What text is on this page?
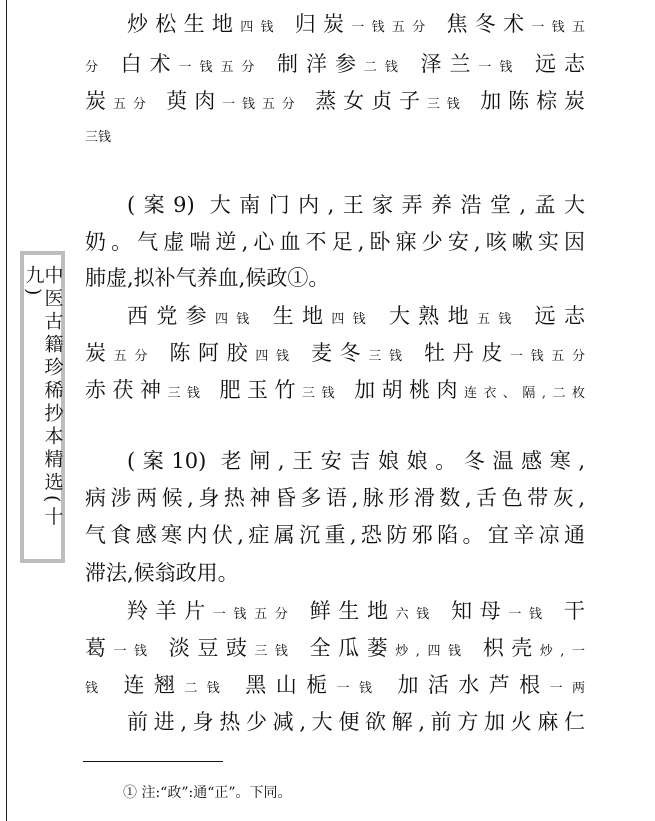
中医古籍珍稀抄本精选(十九)
炒松生地四钱 归炭一钱五分 焦冬术一钱五
分 白术一钱五分 制洋参二钱 泽兰一钱 远志
炭五分 萸肉一钱五分 蒸女贞子三钱 加陈棕炭
三钱
(案9) 大南门内,王家弄养浩堂,孟大
奶。气虚喘逆,心血不足,卧寐少安,咳嗽实因
肺虚,拟补气养血,候政①。
西党参四钱 生地四钱 大熟地五钱 远志
炭五分 陈阿胶四钱 麦冬三钱 牡丹皮一钱五分
赤茯神三钱 肥玉竹三钱 加胡桃肉连衣、隔,二枚
(案10) 老闸,王安吉娘娘。冬温感寒,
病涉两候,身热神昏多语,脉形滑数,舌色带灰,
气食感寒内伏,症属沉重,恐防邪陷。宜辛凉通
滞法,候翁政用。
羚羊片一钱五分 鲜生地六钱 知母一钱 干
葛一钱 淡豆豉三钱 全瓜蒌炒,四钱 枳壳炒,一
钱 连翘二钱 黑山栀一钱 加活水芦根一两
前进,身热少减,大便欲解,前方加火麻仁
① 注:“政”:通“正”。下同。
